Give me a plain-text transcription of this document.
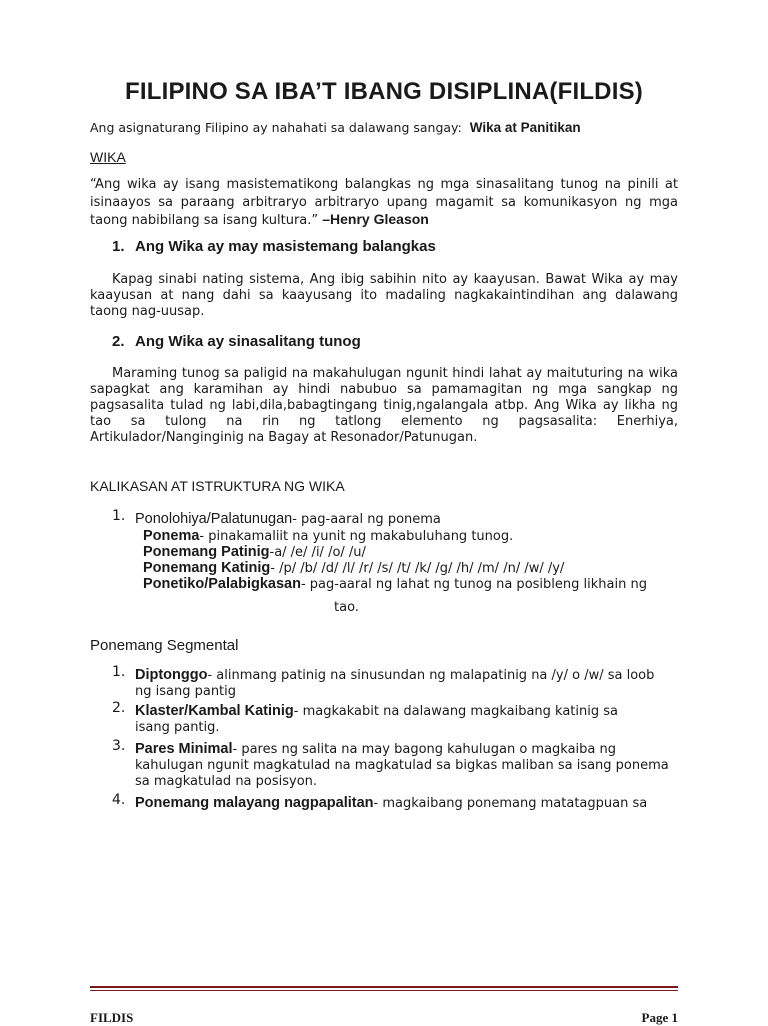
FILIPINO SA IBA’T IBANG DISIPLINA(FILDIS)

Ang asignaturang Filipino ay nahahati sa dalawang sangay: Wika at Panitikan

WIKA

“Ang wika ay isang masistematikong balangkas ng mga sinasalitang tunog na pinili at isinaayos sa paraang arbitraryo arbitraryo upang magamit sa komunikasyon ng mga taong nabibilang sa isang kultura.” –Henry Gleason

1. Ang Wika ay may masistemang balangkas

Kapag sinabi nating sistema, Ang ibig sabihin nito ay kaayusan. Bawat Wika ay may kaayusan at nang dahi sa kaayusang ito madaling nagkakaintindihan ang dalawang taong nag-uusap.

2. Ang Wika ay sinasalitang tunog

Maraming tunog sa paligid na makahulugan ngunit hindi lahat ay maituturing na wika sapagkat ang karamihan ay hindi nabubuo sa pamamagitan ng mga sangkap ng pagsasalita tulad ng labi,dila,babagtingang tinig,ngalangala atbp. Ang Wika ay likha ng tao sa tulong na rin ng tatlong elemento ng pagsasalita: Enerhiya, Artikulador/Nanginginig na Bagay at Resonador/Patunugan.

KALIKASAN AT ISTRUKTURA NG WIKA

1. Ponolohiya/Palatunugan- pag-aaral ng ponema
Ponema- pinakamaliit na yunit ng makabuluhang tunog.
Ponemang Patinig-a/ /e/ /i/ /o/ /u/
Ponemang Katinig- /p/ /b/ /d/ /l/ /r/ /s/ /t/ /k/ /g/ /h/ /m/ /n/ /w/ /y/
Ponetiko/Palabigkasan- pag-aaral ng lahat ng tunog na posibleng likhain ng
tao.

Ponemang Segmental

1. Diptonggo- alinmang patinig na sinusundan ng malapatinig na /y/ o /w/ sa loob
ng isang pantig
2. Klaster/Kambal Katinig- magkakabit na dalawang magkaibang katinig sa
isang pantig.
3. Pares Minimal- pares ng salita na may bagong kahulugan o magkaiba ng
kahulugan ngunit magkatulad na magkatulad sa bigkas maliban sa isang ponema
sa magkatulad na posisyon.
4. Ponemang malayang nagpapalitan- magkaibang ponemang matatagpuan sa
FILDIS	Page 1
